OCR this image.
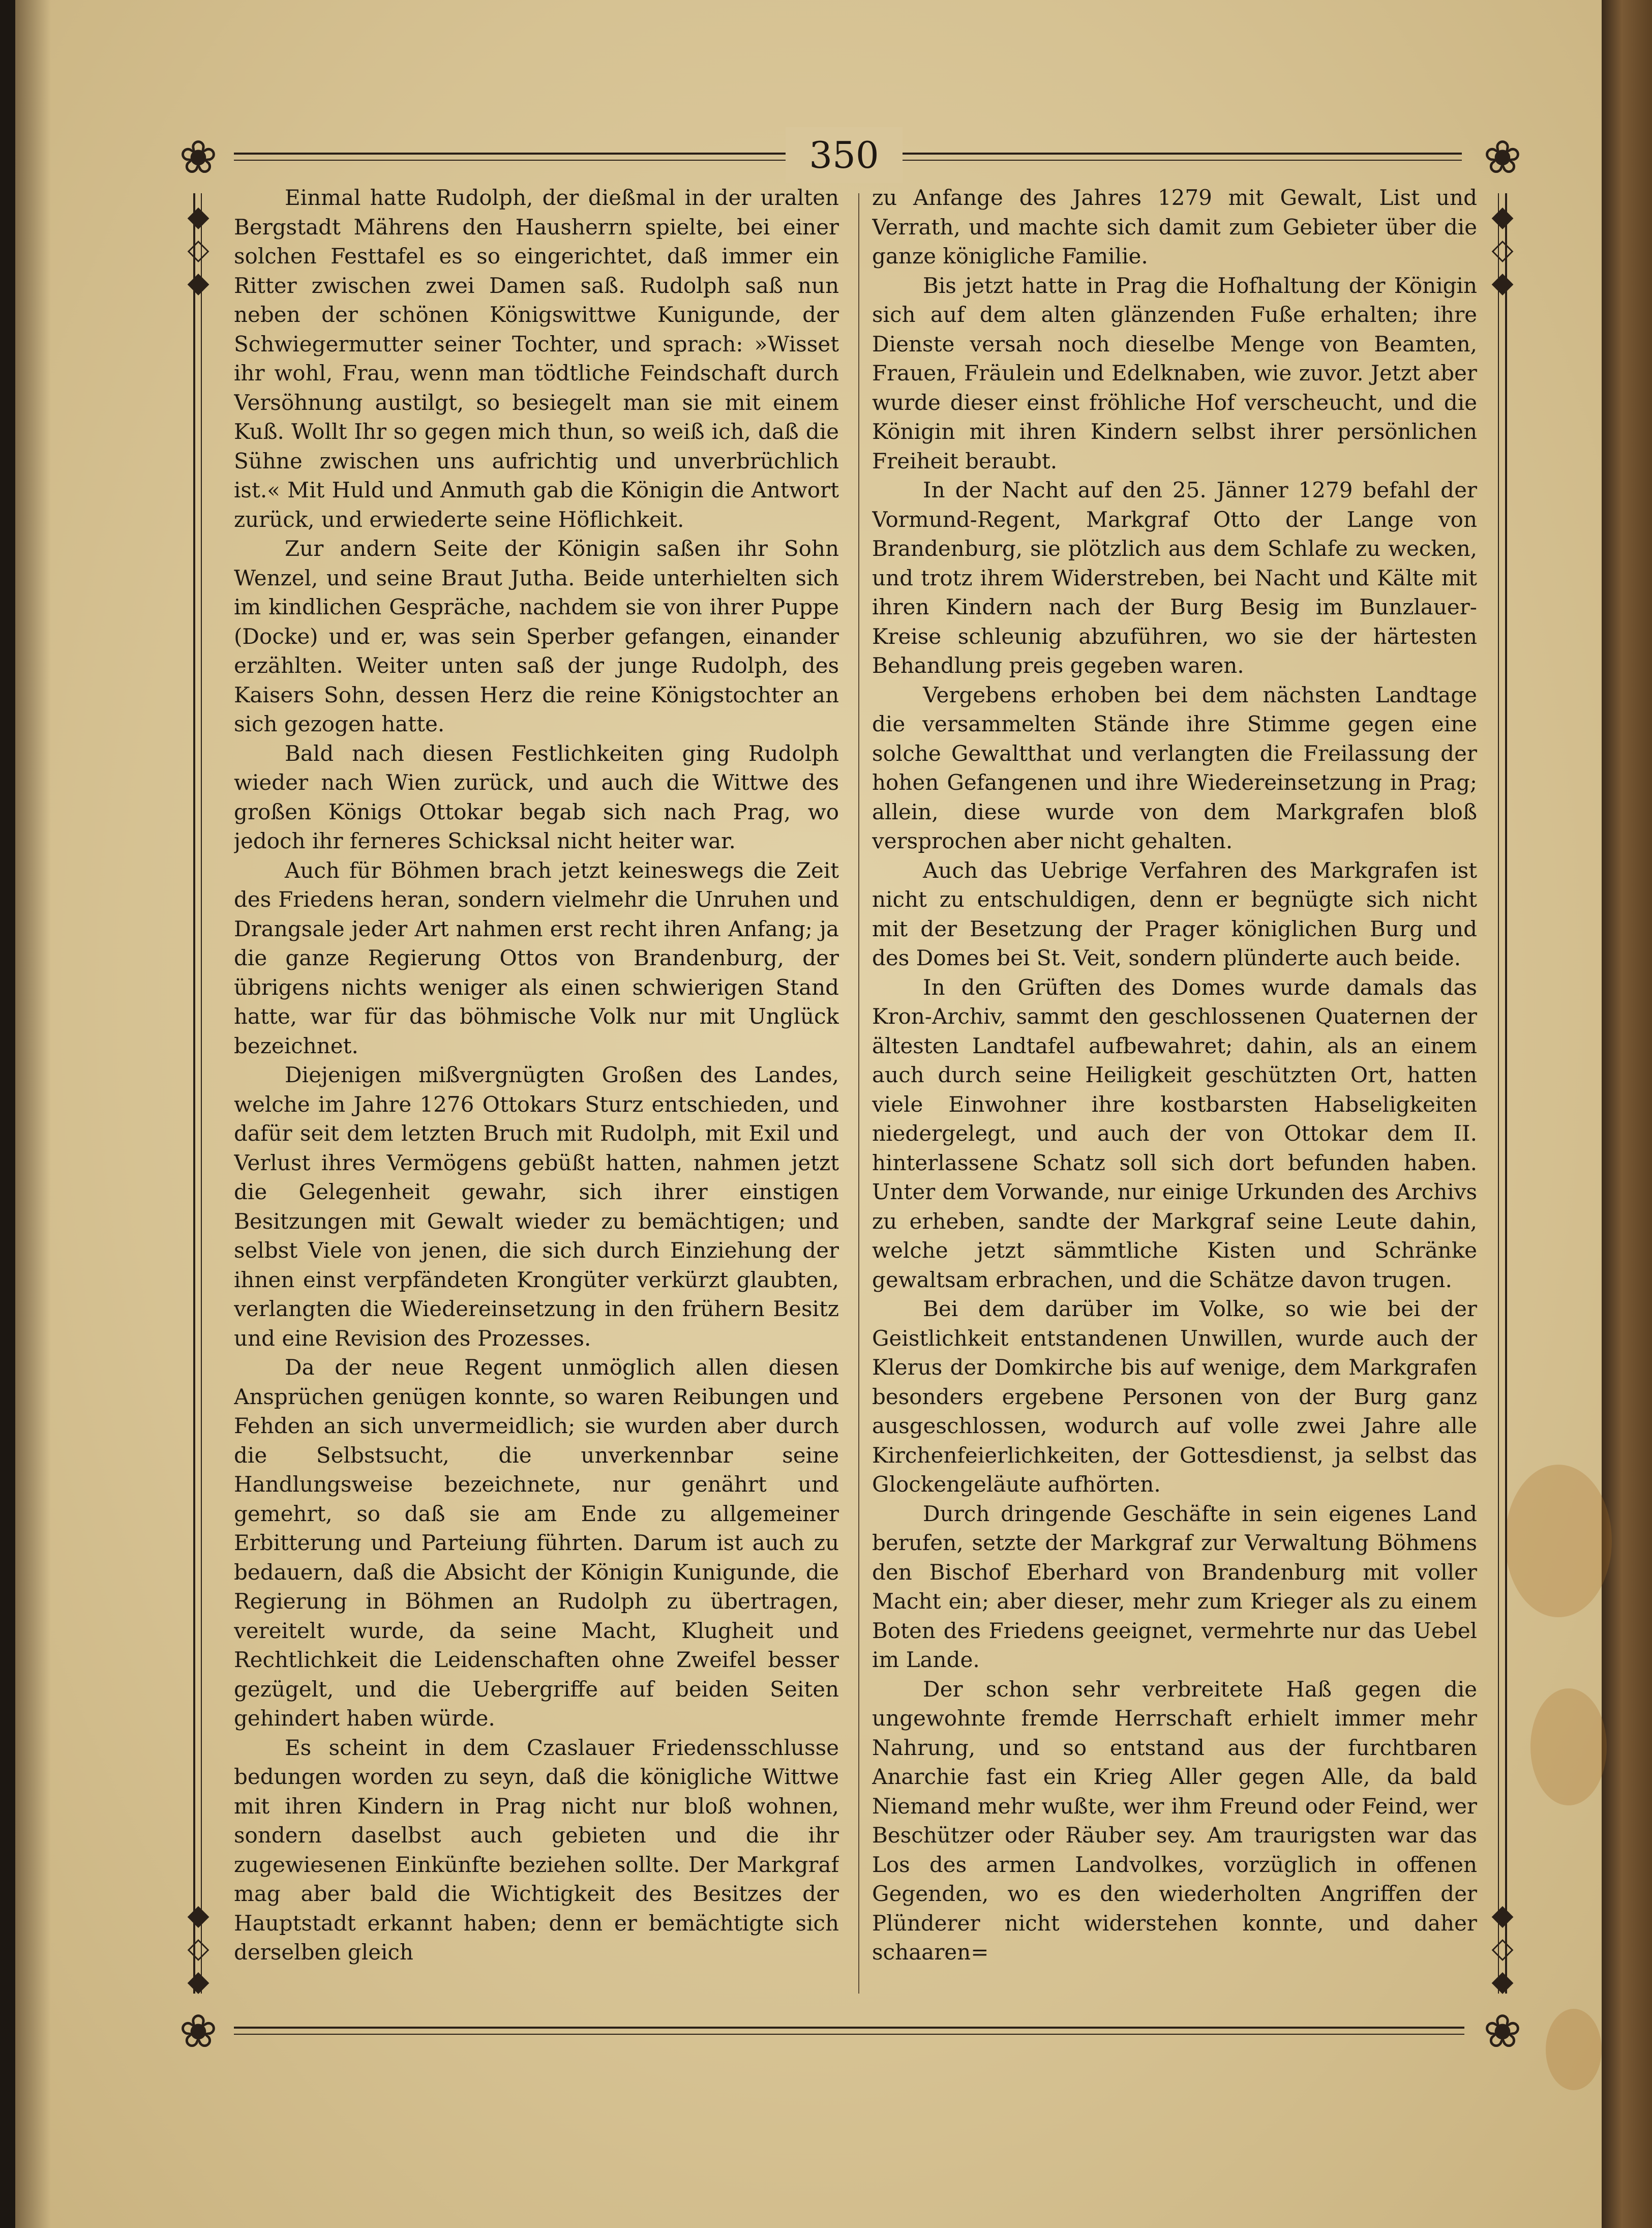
❀	❀
❀	❀
◆◇◆	◆◇◆
◆◇◆	◆◇◆
350

Einmal hatte Rudolph, der dießmal in der uralten Bergstadt Mährens den Hausherrn spielte, bei einer solchen Festtafel es so eingerichtet, daß immer ein Ritter zwischen zwei Damen saß. Rudolph saß nun neben der schönen Königswittwe Kunigunde, der Schwiegermutter seiner Tochter, und sprach: »Wisset ihr wohl, Frau, wenn man tödtliche Feindschaft durch Versöhnung austilgt, so besiegelt man sie mit einem Kuß. Wollt Ihr so gegen mich thun, so weiß ich, daß die Sühne zwischen uns aufrichtig und unverbrüchlich ist.« Mit Huld und Anmuth gab die Königin die Antwort zurück, und erwiederte seine Höflichkeit.

Zur andern Seite der Königin saßen ihr Sohn Wenzel, und seine Braut Jutha. Beide unterhielten sich im kindlichen Gespräche, nachdem sie von ihrer Puppe (Docke) und er, was sein Sperber gefangen, einander erzählten. Weiter unten saß der junge Rudolph, des Kaisers Sohn, dessen Herz die reine Königstochter an sich gezogen hatte.

Bald nach diesen Festlichkeiten ging Rudolph wieder nach Wien zurück, und auch die Wittwe des großen Königs Ottokar begab sich nach Prag, wo jedoch ihr ferneres Schicksal nicht heiter war.

Auch für Böhmen brach jetzt keineswegs die Zeit des Friedens heran, sondern vielmehr die Unruhen und Drangsale jeder Art nahmen erst recht ihren Anfang; ja die ganze Regierung Ottos von Brandenburg, der übrigens nichts weniger als einen schwierigen Stand hatte, war für das böhmische Volk nur mit Unglück bezeichnet.

Diejenigen mißvergnügten Großen des Landes, welche im Jahre 1276 Ottokars Sturz entschieden, und dafür seit dem letzten Bruch mit Rudolph, mit Exil und Verlust ihres Vermögens gebüßt hatten, nahmen jetzt die Gelegenheit gewahr, sich ihrer einstigen Besitzungen mit Gewalt wieder zu bemächtigen; und selbst Viele von jenen, die sich durch Einziehung der ihnen einst verpfändeten Krongüter verkürzt glaubten, verlangten die Wiedereinsetzung in den frühern Besitz und eine Revision des Prozesses.

Da der neue Regent unmöglich allen diesen Ansprüchen genügen konnte, so waren Reibungen und Fehden an sich unvermeidlich; sie wurden aber durch die Selbstsucht, die unverkennbar seine Handlungsweise bezeichnete, nur genährt und gemehrt, so daß sie am Ende zu allgemeiner Erbitterung und Parteiung führten. Darum ist auch zu bedauern, daß die Absicht der Königin Kunigunde, die Regierung in Böhmen an Rudolph zu übertragen, vereitelt wurde, da seine Macht, Klugheit und Rechtlichkeit die Leidenschaften ohne Zweifel besser gezügelt, und die Uebergriffe auf beiden Seiten gehindert haben würde.

Es scheint in dem Czaslauer Friedensschlusse bedungen worden zu seyn, daß die königliche Wittwe mit ihren Kindern in Prag nicht nur bloß wohnen, sondern daselbst auch gebieten und die ihr zugewiesenen Einkünfte beziehen sollte. Der Markgraf mag aber bald die Wichtigkeit des Besitzes der Hauptstadt erkannt haben; denn er bemächtigte sich derselben gleich

zu Anfange des Jahres 1279 mit Gewalt, List und Verrath, und machte sich damit zum Gebieter über die ganze königliche Familie.

Bis jetzt hatte in Prag die Hofhaltung der Königin sich auf dem alten glänzenden Fuße erhalten; ihre Dienste versah noch dieselbe Menge von Beamten, Frauen, Fräulein und Edelknaben, wie zuvor. Jetzt aber wurde dieser einst fröhliche Hof verscheucht, und die Königin mit ihren Kindern selbst ihrer persönlichen Freiheit beraubt.

In der Nacht auf den 25. Jänner 1279 befahl der Vormund-Regent, Markgraf Otto der Lange von Brandenburg, sie plötzlich aus dem Schlafe zu wecken, und trotz ihrem Widerstreben, bei Nacht und Kälte mit ihren Kindern nach der Burg Besig im Bunzlauer-Kreise schleunig abzuführen, wo sie der härtesten Behandlung preis gegeben waren.

Vergebens erhoben bei dem nächsten Landtage die versammelten Stände ihre Stimme gegen eine solche Gewaltthat und verlangten die Freilassung der hohen Gefangenen und ihre Wiedereinsetzung in Prag; allein, diese wurde von dem Markgrafen bloß versprochen aber nicht gehalten.

Auch das Uebrige Verfahren des Markgrafen ist nicht zu entschuldigen, denn er begnügte sich nicht mit der Besetzung der Prager königlichen Burg und des Domes bei St. Veit, sondern plünderte auch beide.

In den Grüften des Domes wurde damals das Kron-Archiv, sammt den geschlossenen Quaternen der ältesten Landtafel aufbewahret; dahin, als an einem auch durch seine Heiligkeit geschützten Ort, hatten viele Einwohner ihre kostbarsten Habseligkeiten niedergelegt, und auch der von Ottokar dem II. hinterlassene Schatz soll sich dort befunden haben. Unter dem Vorwande, nur einige Urkunden des Archivs zu erheben, sandte der Markgraf seine Leute dahin, welche jetzt sämmtliche Kisten und Schränke gewaltsam erbrachen, und die Schätze davon trugen.

Bei dem darüber im Volke, so wie bei der Geistlichkeit entstandenen Unwillen, wurde auch der Klerus der Domkirche bis auf wenige, dem Markgrafen besonders ergebene Personen von der Burg ganz ausgeschlossen, wodurch auf volle zwei Jahre alle Kirchenfeierlichkeiten, der Gottesdienst, ja selbst das Glockengeläute aufhörten.

Durch dringende Geschäfte in sein eigenes Land berufen, setzte der Markgraf zur Verwaltung Böhmens den Bischof Eberhard von Brandenburg mit voller Macht ein; aber dieser, mehr zum Krieger als zu einem Boten des Friedens geeignet, vermehrte nur das Uebel im Lande.

Der schon sehr verbreitete Haß gegen die ungewohnte fremde Herrschaft erhielt immer mehr Nahrung, und so entstand aus der furchtbaren Anarchie fast ein Krieg Aller gegen Alle, da bald Niemand mehr wußte, wer ihm Freund oder Feind, wer Beschützer oder Räuber sey. Am traurigsten war das Los des armen Landvolkes, vorzüglich in offenen Gegenden, wo es den wiederholten Angriffen der Plünderer nicht widerstehen konnte, und daher schaaren=
